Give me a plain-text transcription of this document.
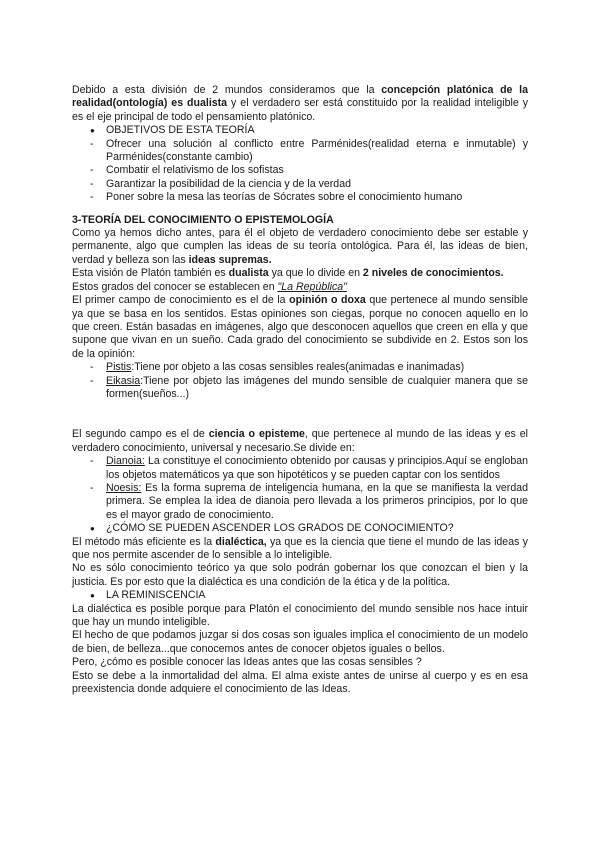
Debido a esta división de 2 mundos consideramos que la concepción platónica de la realidad(ontología) es dualista y el verdadero ser está constituido por la realidad inteligible y es el eje principal de todo el pensamiento platónico.

● OBJETIVOS DE ESTA TEORÍA
- Ofrecer una solución al conflicto entre Parménides(realidad eterna e inmutable) y Parménides(constante cambio)
- Combatir el relativismo de los sofistas
- Garantizar la posibilidad de la ciencia y de la verdad
- Poner sobre la mesa las teorías de Sócrates sobre el conocimiento humano
3-TEORÍA DEL CONOCIMIENTO O EPISTEMOLOGÍA

Como ya hemos dicho antes, para él el objeto de verdadero conocimiento debe ser estable y permanente, algo que cumplen las ideas de su teoría ontológica. Para él, las ideas de bien, verdad y belleza son las ideas supremas.

Esta visión de Platón también es dualista ya que lo divide en 2 niveles de conocimientos.

Estos grados del conocer se establecen en "La República"

El primer campo de conocimiento es el de la opinión o doxa que pertenece al mundo sensible ya que se basa en los sentidos. Estas opiniones son ciegas, porque no conocen aquello en lo que creen. Están basadas en imágenes, algo que desconocen aquellos que creen en ella y que supone que vivan en un sueño. Cada grado del conocimiento se subdivide en 2. Estos son los de la opinión:

- Pistis:Tiene por objeto a las cosas sensibles reales(animadas e inanimadas)
- Eikasia:Tiene por objeto las imágenes del mundo sensible de cualquier manera que se formen(sueños...)

El segundo campo es el de ciencia o episteme, que pertenece al mundo de las ideas y es el verdadero conocimiento, universal y necesario.Se divide en:

- Dianoia: La constituye el conocimiento obtenido por causas y principios.Aquí se engloban los objetos matemáticos ya que son hipotéticos y se pueden captar con los sentidos
- Noesis: Es la forma suprema de inteligencia humana, en la que se manifiesta la verdad primera. Se emplea la idea de dianoia pero llevada a los primeros principios, por lo que es el mayor grado de conocimiento.
● ¿CÓMO SE PUEDEN ASCENDER LOS GRADOS DE CONOCIMIENTO?

El método más eficiente es la dialéctica, ya que es la ciencia que tiene el mundo de las ideas y que nos permite ascender de lo sensible a lo inteligible.

No es sólo conocimiento teórico ya que solo podrán gobernar los que conozcan el bien y la justicia. Es por esto que la dialéctica es una condición de la ética y de la política.

● LA REMINISCENCIA

La dialéctica es posible porque para Platón el conocimiento del mundo sensible nos hace intuir que hay un mundo inteligible.

El hecho de que podamos juzgar si dos cosas son iguales implica el conocimiento de un modelo de bien, de belleza...que conocemos antes de conocer objetos iguales o bellos.

Pero, ¿cómo es posible conocer las Ideas antes que las cosas sensibles ?

Esto se debe a la inmortalidad del alma. El alma existe antes de unirse al cuerpo y es en esa preexistencia donde adquiere el conocimiento de las Ideas.
